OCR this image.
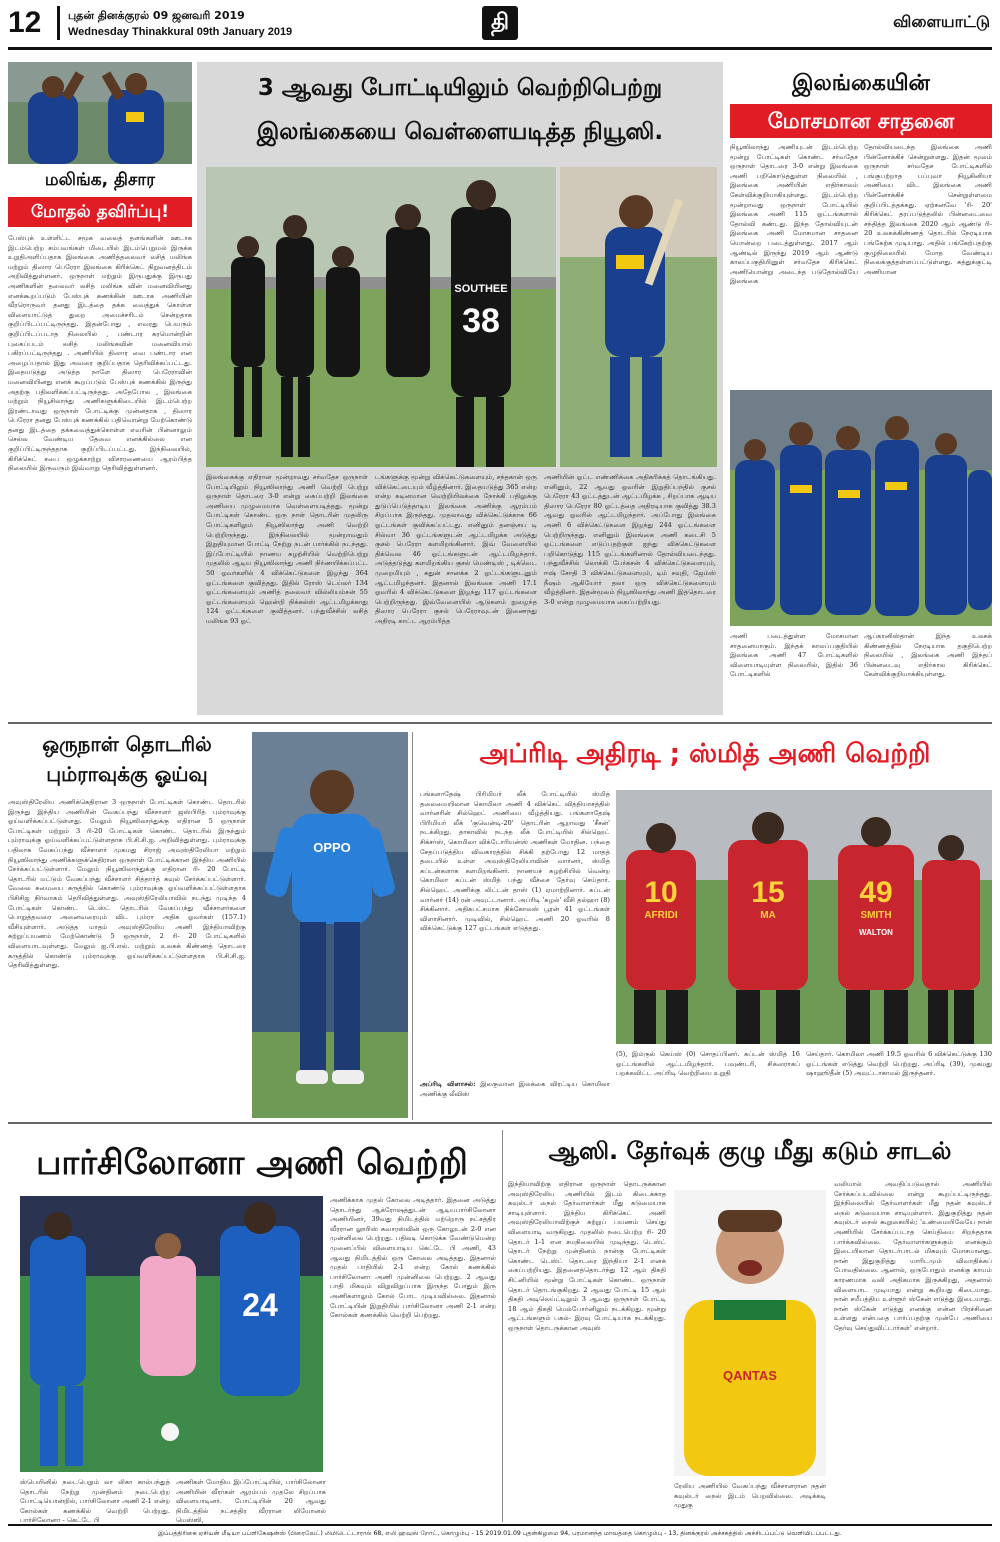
12 புதன் தினக்குரல் 09 ஜனவரி 2019
Wednesday Thinakkural 09th January 2019	தி	விளையாட்டு
மலிங்க, திசார
மோதல் தவிர்ப்பு!
பேஸ்புக் உள்ளிட்ட சமூக வலைத் தளங்களின் ஊடாக இடம்பெற்ற சம்பவங்கள் மிடையில் இடம்பெறுமல் இருக்க உறுதிஅளிப்பதாக இலங்கை அணித்தலைவர் லசித் மலிங்க மற்றும் திஸார பெரேரா இலங்கை கிரிக்கெட் நிறுவனத்திடம் அறிவித்துள்ளனர். ஒருநாள் மற்றும் இருபதுக்கு இருபது அணிகளின் தலைவர் லசித் மலிங்க வின் மனைவியினது எனக்கூறப்படும் பேஸ்புக் கணக்கின் ஊடாக அணியின் வீரரொருவர் தனது இடத்தை தக்க வைத்துக் கொள்ள விளையாட்டுத் துறை அமைச்சரிடம் சென்றதாக குறிப்பிடப்பட்டிருந்தது. இதன்போது , எவரது பெயரும் குறிப்பிடப்படாத நிலையில் , பண்டார கரமொன்றின் புகைப்படம் லசித் மலிங்கவின் மனைவியால் பகிரப்பட்டிருந்தது . அணியில் திஸார வை பண்டார என அழைப்பதால் இது அவரை குறிப்பதாக தெரிவிக்கப்பட்டது. இதையடுத்து அடுத்த நாளே திஸார பெரேராவின் மனைவியினது எனக் கூறப்படும் பேஸ்புக் கணக்கில் இருந்து அதற்கு பதிலளிக்கப்பட்டிருந்தது. அதேபோல , இலங்கை மற்றும் நியூசிலாந்து அணிகளுக்கிடையில் இடம்பெற்ற இரண்டாவது ஒருநாள் போட்டிக்கு முன்னதாக , திஸார பெரேரா தனது பேஸ்புக் கணக்கில் பதிவொன்று மேற்கொண்டு தனது இடத்தை தக்கவைத்துக்கொள்ள எவரின் பின்னாலும் செல்ல வேண்டிய தேவை எனக்கில்லை என குறிப்பிட்டிருந்ததாக குறிப்பிடப்பட்டது. இந்நிலையில், கிரிக்கெட் சபை ஒழுக்காற்று விசாரணையை ஆரம்பித்த நிலையில் இருவரும் இவ்வாறு தெரிவித்துள்ளனர்.
3 ஆவது போட்டியிலும் வெற்றிபெற்று
இலங்கையை வெள்ளையடித்த நியூஸி.
SOUTHEE
38
இலங்கைக்கு எதிரான மூன்றாவது சர்வதேச ஒருநாள் போட்டியிலும் நியூஸிலாந்து அணி வெற்றி பெற்று ஒருநாள் தொடரை 3-0 என்று கைப்பற்றி இலங்கை அணியை முழுமையாக வெள்ளையடித்தது. மூன்று போட்டிகள் கொண்ட ஒரு நாள் தொடரின் முதலிரு போட்டிகளிலும் நியூஸிலாந்து அணி வெற்றி பெற்றிருந்தது. இந்நிலையில் மூன்றாவதும் இறுதியுமான போட்டி நேற்று நடன் பார்க்கில் நடந்தது. இப்போட்டியில் நாணய சுழற்சியில் வெற்றிபெற்று முதலில் ஆடிய நியூஸிலாந்து அணி நிர்ணயிக்கப்பட்ட 50 ஓவர்களில் 4 விக்கெட்டுகளை இழந்து 364 ஓட்டங்களை குவித்தது. இதில் ரோஸ் டெய்லர் 134 ஓட்டங்களையும் அணித் தலைவர் வில்லியம்சன் 55 ஓட்டங்களையும் ஹென்றி நிக்கல்ஸ் ஆட்டமிழக்காது 124 ஓட்டங்களை குவித்தனர். பந்துவீச்சில் லசித் மலிங்க 93 ஓட்
டங்களுக்கு மூன்று விக்கெட்டுகளையும், சந்தகான் ஒரு விக்கெட்டையும் வீழ்த்தினார். இதையடுத்து 365 என்ற என்ற கடினமான வெற்றியிலக்கை நோக்கி பதிலுக்கு துடுப்பெடுத்தாடிய இலங்கை அணிக்கு ஆரம்பம் சிறப்பாக இருந்தது. முதலாவது விக்கெட்டுக்காக 66 ஓட்டங்கள் குவிக்கப்பட்டது. எனினும் தனஞ்சய டி சில்வா 36 ஓட்டங்களுடன் ஆட்டமிழக்க அடுத்து குசல் பெரேரா களமிறங்கினார். இவ் வேளையில் திக்வெல 46 ஓட்டங்களுடன் ஆட்டமிழந்தார். அடுத்தடுத்து களமிறங்கிய குசல் மெண்டிஸ் , டிக்வெட முறைமியும் , சுதுன் சானக்க 2 ஓட்டங்களுடனும் ஆட்டமிழந்தனர். இதனால் இலங்கை அணி 17.1 ஓவரில் 4 விக்கெட்டுகளை இழந்து 117 ஓட்டங்களை பெற்றிருந்தது. இவ்வேளையில் ஆடுகளம் நுழைந்த திஸார பெரேரா குசல் பெரேராவுடன் இணைந்து அதிரடி காட்ட ஆரம்பித்த
அணியின் ஓட்ட எண்ணிக்கை அதிகரிக்கத் தொடங்கியது. எனினும், 22 ஆவது ஓவரின் இறுதிப்பந்தில் குசல் பெரேரா 43 ஓட்டத்துடன் ஆட்டமிழக்க , சிறப்பாக ஆடிய திஸார பெரேரா 80 ஓட்டத்தை அதிரடியாக குவித்து 38.3 ஆவது ஓவரில் ஆட்டமிழந்தார். அப்போது இலங்கை அணி 6 விக்கெட்டுகளை இழந்து 244 ஓட்டங்களை பெற்றிருந்தது. எனினும் இலங்கை அணி கடைசி 5 ஓட்டங்களை எடுப்பதற்குள் ஐந்து விக்கெட்டுகளை பறிகொடுத்து 115 ஓட்டங்களினால் தோல்வியடைந்தது. பந்துவீச்சில் லொக்கி பேர்கசன் 4 விக்கெட்டுகளையும், ஈஷ் சோதி 3 விக்கெட்டுகளையும், டிம் சவுதி, ஜேம்ஸ் நீஷம் ஆகியோர் தலா ஒரு விக்கெட்டுகளையும் வீழ்த்தினர். இதன்மூலம் நியூஸிலாந்து அணி இத்தொடரை 3-0 என்று முழுமையாக கைப்பற்றியது.
இலங்கையின்
மோசமான சாதனை
நியூஸிலாந்து அணியுடன் இடம்பெற்ற மூன்று போட்டிகள் கொண்ட சர்வதேச ஒருநாள் தொடரை 3-0 என்று இலங்கை அணி பறிகொடுத்துள்ள நிலையில் , இலங்கை அணியின் எதிர்காலம் கேள்விக்குறியாகியுள்ளது. இடம்பெற்ற மூன்றாவது ஒருநாள் போட்டியில் இலங்கை அணி 115 ஓட்டங்களால் தோல்வி கண்டது. இந்த தோல்வியுடன் இலங்கை அணி மோசமான சாதனை யொன்றை படைத்துள்ளது. 2017 ஆம் ஆண்டில் இருந்து 2019 ஆம் ஆண்டு காலப்பகுதியினுள் சர்வதேச கிரிக்கெட் அணியொன்று அடைந்த படுதோல்வியே இலங்கை
தோல்வியடைந்த இலங்கை அணி பின்னோக்கிச் சென்றுள்ளது. இதன் மூலம் ஒருநாள் சர்வதேச போட்டிகளில் பங்குபற்றாத பப்புவா நியூகினியா அணியை விட இலங்கை அணி பின்னோக்கிச் சென்றுள்ளமை குறிப்பிடத்தக்கது. ஏற்கனவே 'ரி- 20' கிரிக்கெட் தரப்படுத்தலில் பின்னடைவை சந்தித்த இலங்கை 2020 ஆம் ஆண்டு ரி- 20 உலகக்கிண்ணத் தொடரில் நேரடியாக பங்கேற்க முடியாது. அதில் பங்கேற்பதற்கு குழுநிலையில் மோத வேண்டிய நிலைக்குத்தள்ளப்பட்டுள்ளது. சுத்துக்குட்டி அணியான
அணி படைத்துள்ள மோசமான சாதனையாகும். இந்தக் காலப்பகுதியில் இலங்கை அணி 47 போட்டிகளில் விளையாடியுள்ள நிலையில், இதில் 36 போட்டிகளில்
ஆப்கானிஸ்தான் இந்த உலகக் கிண்ணத்தில் நேரடியாக தகுதிபெற்ற நிலையில் , இலங்கை அணி இந்தப் பின்னடைவு எதிர்கால கிரிக்கெட் கேள்விக்குறியாக்கியுள்ளது.
ஒருநாள் தொடரில்
பும்ராவுக்கு ஓய்வு
அவுஸ்திரேலிய அணிக்கெதிரான 3 ஒருநாள் போட்டிகள் கொண்ட தொடரில் இருந்து இந்திய அணியின் வேகப்பந்து வீச்சாளர் ஜஸ்பிரித் பும்ராவுக்கு ஓய்வளிக்கப்பட்டுள்ளது. மேலும் நியூஸிலாந்துக்கு எதிரான 5 ஒருநாள் போட்டிகள் மற்றும் 3 ரி-20 போட்டிகள் கொண்ட தொடரில் இருந்தும் பும்ராவுக்கு ஓய்வளிக்கப்பட்டுள்ளதாக பி.சி.சி.ஐ. அறிவித்துள்ளது. பும்ராவுக்கு பதிலாக வேகப்பந்து வீச்சாளர் முகமது சிராஜ் அவுஸ்திரேலியா மற்றும் நியூஸிலாந்து அணிக்களுக்கெதிரான ஒருநாள் போட்டிக்கான இந்திய அணியில் சேர்க்கப்பட்டுள்ளார். மேலும் நியூஸிலாந்துக்கு எதிரான ரி- 20 போட்டி தொடரில் மட்டும் வேகப்பந்து வீச்சாளர் சித்தார்த் கவுல் சேர்க்கப்பட்டுள்ளார். வேலை சுமையை கருத்தில் கொண்டு பும்ராவுக்கு ஓய்வளிக்கப்பட்டுள்ளதாக பிசிசிஐ நிர்வாகம் தெரிவித்துள்ளது. அவுஸ்திரேலியாவில் நடந்து முடிந்த 4 போட்டிகள் கொண்ட டெஸ்ட் தொடரில் வேகப்பந்து வீச்சாளர்களை பொறுத்தவரை அனைவரையும் விட பும்ரா அதிக ஓவர்கள் (157.1) வீசியுள்ளார். அடுத்த மாதம் அவுஸ்திரேலிய அணி இந்தியாவிற்கு சுற்றுப்பயணம் மேற்கொண்டு 5 ஒருநாள், 2 ரி- 20 போட்டிகளில் விளையாடவுள்ளது. மேலும் ஐ.பி.எல். மற்றும் உலகக் கிண்ணத் தொடரை கருத்தில் கொண்டு பும்ராவுக்கு ஓய்வளிக்கப்பட்டுள்ளதாக பி.சி.சி.ஐ. தெரிவித்துள்ளது.
OPPO
அப்ரிடி அதிரடி ; ஸ்மித் அணி வெற்றி
பங்களாதேஷ் பிரிமியர் லீக் போட்டியில் ஸ்மித் தலைமையிலான கொமிலா அணி 4 விக்கெட் வித்தியாசத்தில் வார்னரின் சில்ஹெட் அணியை வீழ்த்தியது. பங்களாதேஷ் பிரிமியர் லீக் 'குவென்டி-20' தொடரின் ஆறாவது 'சீசன்' நடக்கிறது. தாகாவில் நடந்த லீக் போட்டியில் சில்ஹெட் சிக்சர்ஸ், கொமிலா விக்டோரியன்ஸ் அணிகள் மோதின. பந்தை சேதப்படுத்திய விவகாரத்தில் சிக்கி தற்போது 12 மாதத் தடையில் உள்ள அவுஸ்திரேலியாவின் வார்னர், ஸ்மித் கப்டன்களாக களமிறங்கினர். நாணயச் சுழற்சியில் வென்ற கொமிலா கப்டன் ஸ்மித் பந்து வீச்சை தேர்வு செய்தார். சில்ஹெட் அணிக்கு லிட்டன் தாஸ் (1) ஏமாற்றினார். கப்டன் வார்னர் (14) ரன் அவுட்டானார். அப்ரிடி 'சுழல்' வீசி தல்ஹா (8) சிக்கினார். அதிகபட்சமாக நிக்கோலஸ் பூரன் 41 ஓட்டங்கள் விளாசினார். முடிவில், சில்ஹெட் அணி 20 ஓவரில் 8 விக்கெட்டுக்கு 127 ஓட்டங்கள் எடுத்தது.
அப்ரிடி விளாசல்: இலகுவான இலக்கை விரட்டிய கொமிலா அணிக்கு லீவிஸ்
10
AFRIDI
15
MA
49
SMITH
WALTON
(5), இம்ருல் கெய்ஸ் (0) சொதப்பினர். கப்டன் ஸ்மித் 16 ஓட்டங்களில் ஆட்டமிழந்தார். பவுண்டரி, சிக்ஸராகப் பறக்கவிட்ட அப்ரிடி வெற்றியை உறுதி
செய்தார். கொமிலா அணி 19.5 ஓவரில் 6 விக்கெட்டுக்கு 130 ஓட்டங்கள் எடுத்து வெற்றி பெற்றது. அப்ரிடி (39), முகமது ஷாஹூதீன் (5) அவுட்டாகாமல் இருந்தனர்.
பார்சிலோனா அணி வெற்றி
24
அணிக்காக முதல் கோலை அடித்தார். இதனை அடுத்து தொடர்ந்து ஆக்ரோஷத்துடன் ஆடியபார்சிலோனா அணியினர், 39வது நிமிடத்தில் மற்றொரு நட்சத்திர வீரரான லூயிஸ் சுவாரஸ்வின் ஒரு கோலுடன் 2-0 என முன்னிலை பெற்றது. பதிலடி கொடுக்க வேண்டுமென்ற முனைப்பில் விளையாடிய கெட்டே பி அணி, 43 ஆவது நிமிடத்தில் ஒரு கோலை அடித்தது. இதனால் முதல் பாதியில் 2-1 என்ற கோல் கணக்கில் பார்சிலோனா அணி முன்னிலை பெற்றது. 2 ஆவது பாதி மிகவும் விறுவிறுப்பாக இருந்த போதும் இரு அணிகளாலும் கோல் போட முடியவில்லை. இதனால் போட்டியின் இறுதியில் பார்சிலோனா அணி 2-1 என்ற கோல்கள் கணக்கில் வெற்றி பெற்றது.
ஸ்பெயினில் நடைபெறும் லா லிகா கால்பந்துத் தொடரில் நேற்று முன்தினம் நடைபெற்ற போட்டியொன்றில், பார்சிலோனா அணி 2-1 என்ற கோல்கள் கணக்கில் வெற்றி பெற்றது. பார்சிலோனா - கெட்டே பி
அணிகள் மோதிய இப்போட்டியில், பார்சிலோனா அணியின் வீரர்கள் ஆரம்பம் முதலே சிறப்பாக விளையாடினர். போட்டியின் 20 ஆவது நிமிடத்தில் நட்சத்திர வீரரான லியோனல் மெஸ்ஸி,
ஆஸி. தேர்வுக் குழு மீது கடும் சாடல்
இந்தியாவிற்கு எதிரான ஒருநாள் தொடருக்கான அவுஸ்திரேலிய அணியில் இடம் கிடைக்காத கவுல்டர் நைல் தேர்வாளர்கள் மீது கடுமையாக சாடியுள்ளார். இந்திய கிரிக்கெட் அணி அவுஸ்திரேலியாவிற்குச் சுற்றுப் பயணம் செய்து விளையாடி வருகிறது. முதலில் நடைபெற்ற ரி- 20 தொடர் 1-1 என சமநிலையில் முடிந்தது. டெஸ்ட் தொடர் நேற்று முன்தினம் நான்கு போட்டிகள் கொண்ட டெஸ்ட் தொடரை இந்தியா 2-1 எனக் கைப்பற்றியது. இதனைத்தொடர்ந்து 12 ஆம் திகதி சிட்னியில் மூன்று போட்டிகள் கொண்ட ஒருநாள் தொடர் தொடங்குகிறது. 2 ஆவது போட்டி 15 ஆம் திகதி அடிலெய்ட்டிலும் 3 ஆவது ஒருநாள் போட்டி 18 ஆம் திகதி மெல்போர்னிலும் நடக்கிறது. மூன்று ஆட்டங்களும் பகல்- இரவு போட்டியாக நடக்கிறது. ஒருநாள் தொடருக்கான அவுஸ்
QANTAS
ரேலிய அணியில் வேகப்பந்து வீச்சாளரான நதன் கவுல்டர் நைல் இடம் பெறவில்லை. அடிக்கடி முதுகு
வலியால் அவதிப்படுவதால் அணியில் சேர்க்கப்படவில்லை என்று கூறப்பட்டிருந்தது. இந்நிலையில் தேர்வாளர்கள் மீது நதன் கவுல்டர் நைல் கடுமையாக சாடியுள்ளார். இதுகுறித்து நதன் கவுல்டர் நைல் கூறுகையில்; 'உண்மையிலேயே நான் அணியில் சேர்க்கப்படாத செய்தியை சிறந்ததாக பார்க்கவில்லை. தேர்வாளர்களுக்கும் எனக்கும் இடையிலான தொடர்பாடல் மிகவும் மோசமானது. நான் இதுகுறித்து யாரிடமும் விவாதிக்கப் போவதில்லை. ஆனால், ஒருபோதும் எனக்கு காயம் காரணமாக வலி அதிகமாக இருக்கிறது, அதனால் விளையாட முடியாது என்று கூறியது கிடையாது. நான் சமீபத்திய உள்ளூர் ஸ்கேன் எடுத்து இடையாது. நான் ஸ்கேன் எடுத்து எனக்கு என்ன பிரச்சினை உள்ளது என்பதை பார்ப்பதற்கு முன்பே அணியை தேர்வு செய்துவிட்டார்கள்' என்றார்.
இப்பத்திரிகை ஏசியன் மீடியா பப்ளிகேஷன்ஸ் (பிரைவேட்) லிமிடெட்டாரால் 68, எலி ஹவுஸ் றோட், கொழும்பு - 15 2019.01.09 புதன்கிழமை 94, பரமானந்த மாவத்தை கொழும்பு - 13, தினக்குரல் அச்சகத்தில் அச்சிடப்பட்டு வெளியிடப்பட்டது.
